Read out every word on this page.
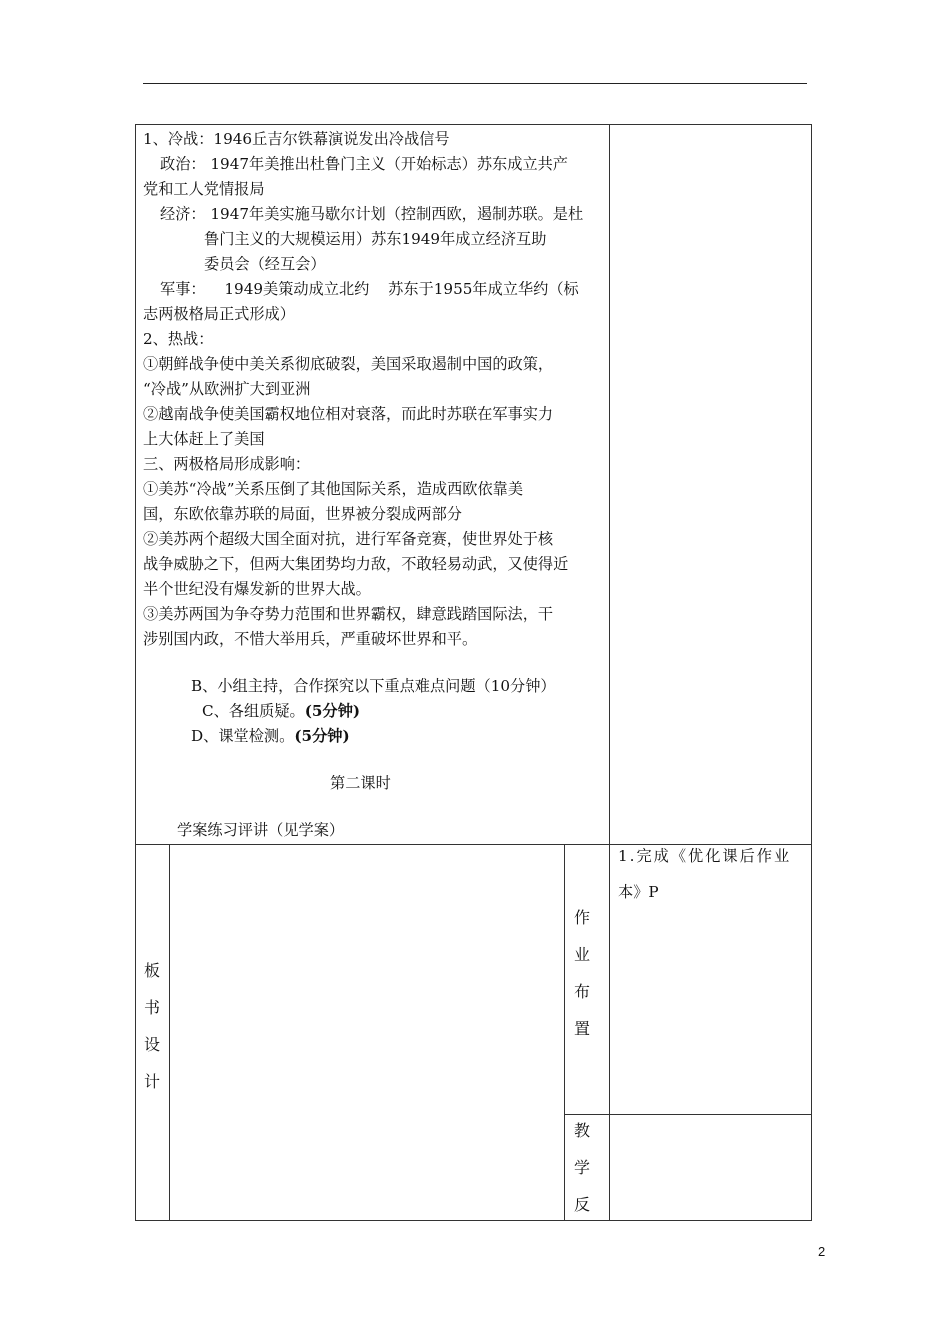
1、冷战：1946丘吉尔铁幕演说发出冷战信号
政治： 1947年美推出杜鲁门主义（开始标志）苏东成立共产
党和工人党情报局
经济： 1947年美实施马歇尔计划（控制西欧，遏制苏联。是杜
鲁门主义的大规模运用）苏东1949年成立经济互助
委员会（经互会）
军事： 1949美策动成立北约 苏东于1955年成立华约（标
志两极格局正式形成）
2、热战：
①朝鲜战争使中美关系彻底破裂，美国采取遏制中国的政策，
“冷战”从欧洲扩大到亚洲
②越南战争使美国霸权地位相对衰落，而此时苏联在军事实力
上大体赶上了美国
三、两极格局形成影响：
①美苏“冷战”关系压倒了其他国际关系，造成西欧依靠美
国，东欧依靠苏联的局面，世界被分裂成两部分
②美苏两个超级大国全面对抗，进行军备竞赛，使世界处于核
战争威胁之下，但两大集团势均力敌，不敢轻易动武，又使得近
半个世纪没有爆发新的世界大战。
③美苏两国为争夺势力范围和世界霸权，肆意践踏国际法，干
涉别国内政，不惜大举用兵，严重破坏世界和平。
B、小组主持，合作探究以下重点难点问题（10分钟）
C、各组质疑。(5分钟)
D、课堂检测。(5分钟)
第二课时
学案练习评讲（见学案）
板
书
设
计
作
业
布
置
教
学
反
1.完成《优化课后作业
本》P
2
